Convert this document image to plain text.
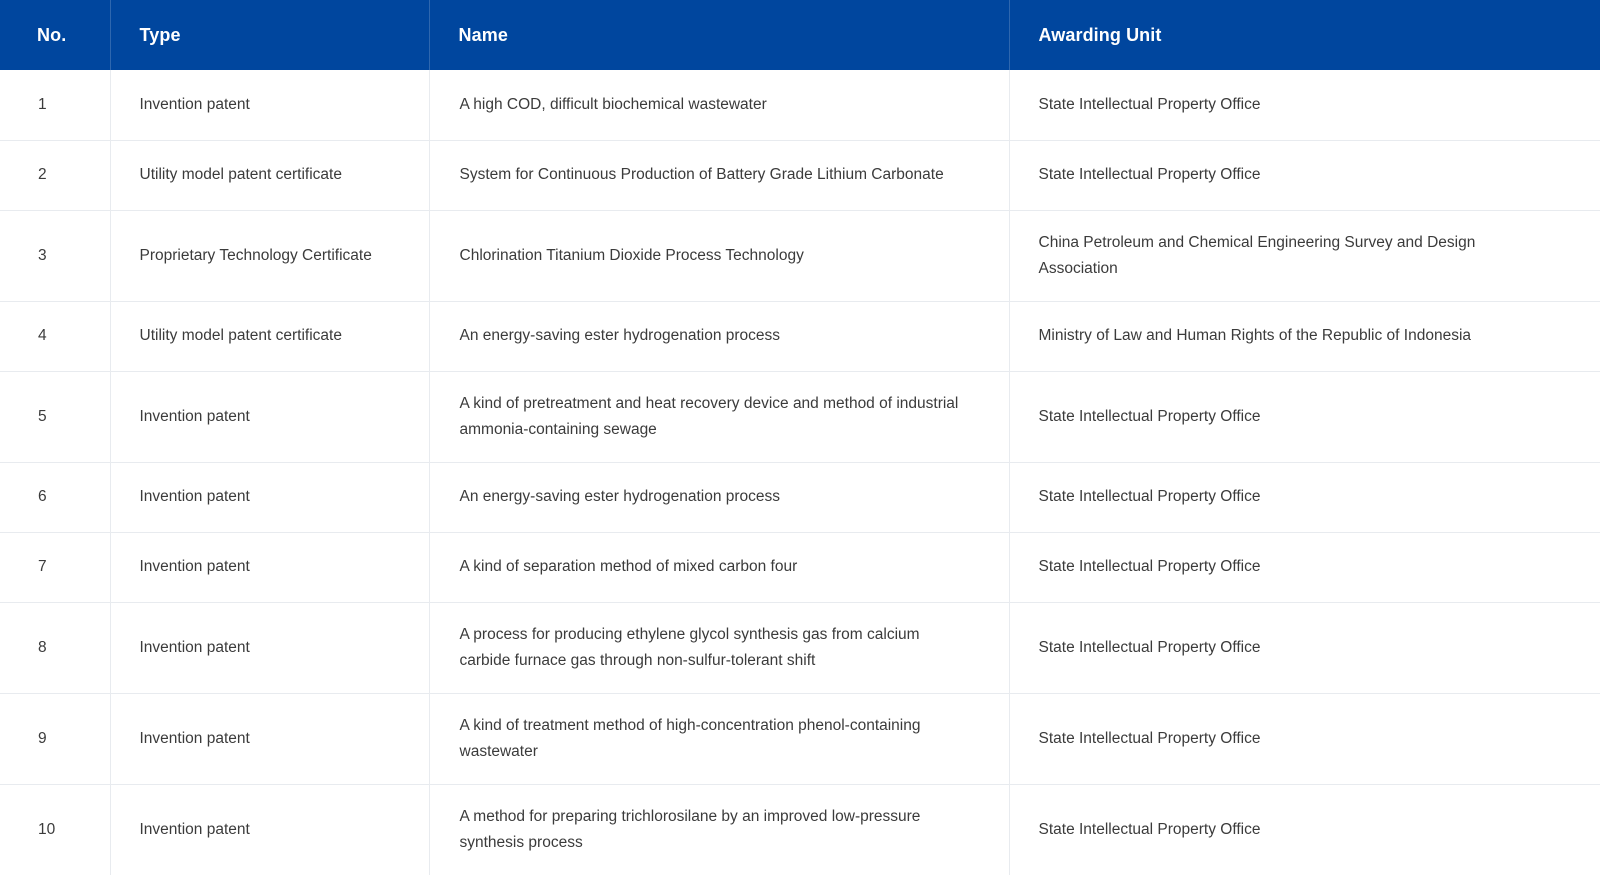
No.	Type	Name	Awarding Unit
1	Invention patent	A high COD, difficult biochemical wastewater	State Intellectual Property Office
2	Utility model patent certificate	System for Continuous Production of Battery Grade Lithium Carbonate	State Intellectual Property Office
3	Proprietary Technology Certificate	Chlorination Titanium Dioxide Process Technology	China Petroleum and Chemical Engineering Survey and Design Association
4	Utility model patent certificate	An energy-saving ester hydrogenation process	Ministry of Law and Human Rights of the Republic of Indonesia
5	Invention patent	A kind of pretreatment and heat recovery device and method of industrial ammonia-containing sewage	State Intellectual Property Office
6	Invention patent	An energy-saving ester hydrogenation process	State Intellectual Property Office
7	Invention patent	A kind of separation method of mixed carbon four	State Intellectual Property Office
8	Invention patent	A process for producing ethylene glycol synthesis gas from calcium carbide furnace gas through non-sulfur-tolerant shift	State Intellectual Property Office
9	Invention patent	A kind of treatment method of high-concentration phenol-containing wastewater	State Intellectual Property Office
10	Invention patent	A method for preparing trichlorosilane by an improved low-pressure synthesis process	State Intellectual Property Office
